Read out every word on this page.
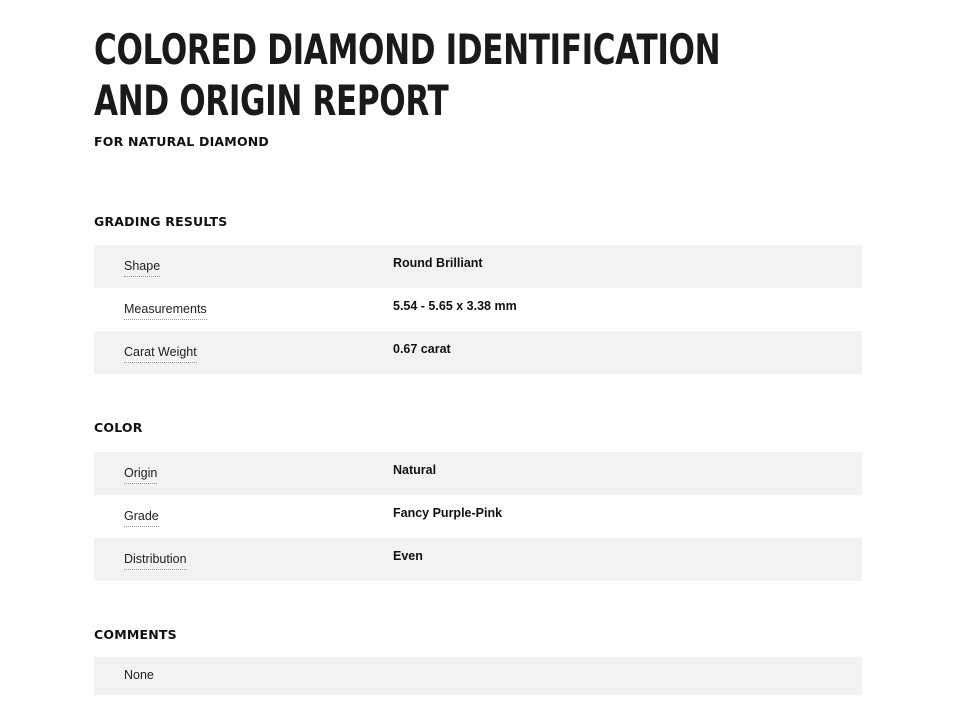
COLORED DIAMOND IDENTIFICATION
AND ORIGIN REPORT

FOR NATURAL DIAMOND

GRADING RESULTS
Shape	Round Brilliant
Measurements	5.54 - 5.65 x 3.38 mm
Carat Weight	0.67 carat
COLOR
Origin	Natural
Grade	Fancy Purple-Pink
Distribution	Even
COMMENTS
None
